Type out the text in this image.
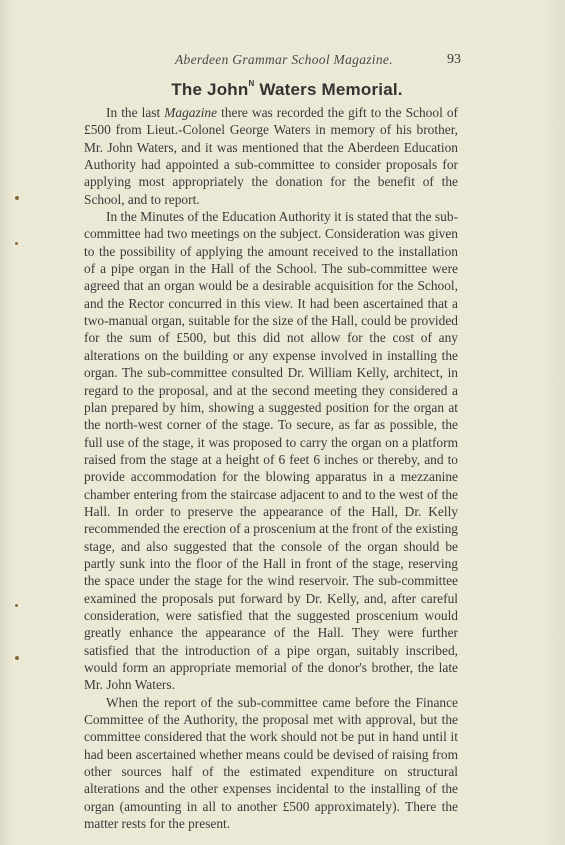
Aberdeen Grammar School Magazine.	93
The John$^N$ Waters Memorial.

In the last Magazine there was recorded the gift to the School of £500 from Lieut.-Colonel George Waters in memory of his brother, Mr. John Waters, and it was mentioned that the Aberdeen Education Authority had appointed a sub-committee to consider proposals for applying most appropriately the donation for the benefit of the School, and to report.

In the Minutes of the Education Authority it is stated that the sub-committee had two meetings on the subject. Consideration was given to the possibility of applying the amount received to the installation of a pipe organ in the Hall of the School. The sub-committee were agreed that an organ would be a desirable acquisition for the School, and the Rector concurred in this view. It had been ascertained that a two-manual organ, suitable for the size of the Hall, could be provided for the sum of £500, but this did not allow for the cost of any alterations on the building or any expense involved in installing the organ. The sub-committee consulted Dr. William Kelly, architect, in regard to the proposal, and at the second meeting they considered a plan prepared by him, showing a suggested position for the organ at the north-west corner of the stage. To secure, as far as possible, the full use of the stage, it was proposed to carry the organ on a platform raised from the stage at a height of 6 feet 6 inches or thereby, and to provide accommodation for the blowing apparatus in a mezzanine chamber entering from the staircase adjacent to and to the west of the Hall. In order to preserve the appearance of the Hall, Dr. Kelly recommended the erection of a proscenium at the front of the existing stage, and also suggested that the console of the organ should be partly sunk into the floor of the Hall in front of the stage, reserving the space under the stage for the wind reservoir. The sub-committee examined the proposals put forward by Dr. Kelly, and, after careful consideration, were satisfied that the suggested proscenium would greatly enhance the appearance of the Hall. They were further satisfied that the introduction of a pipe organ, suitably inscribed, would form an appropriate memorial of the donor's brother, the late Mr. John Waters.

When the report of the sub-committee came before the Finance Committee of the Authority, the proposal met with approval, but the committee considered that the work should not be put in hand until it had been ascertained whether means could be devised of raising from other sources half of the estimated expenditure on structural alterations and the other expenses incidental to the installing of the organ (amounting in all to another £500 approximately). There the matter rests for the present.
